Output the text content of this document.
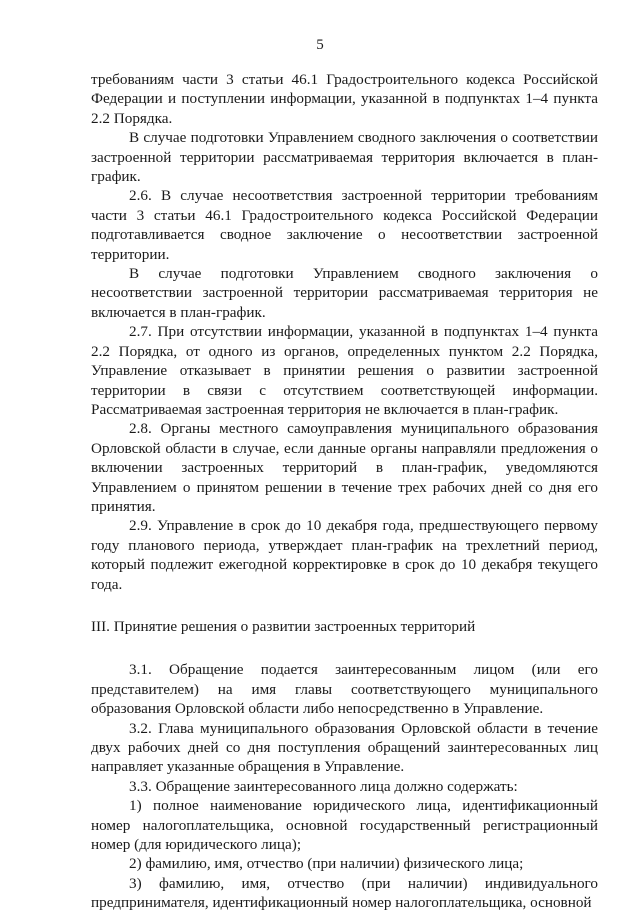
5

требованиям части 3 статьи 46.1 Градостроительного кодекса Российской Федерации и поступлении информации, указанной в подпунктах 1–4 пункта 2.2 Порядка.

В случае подготовки Управлением сводного заключения о соответствии застроенной территории рассматриваемая территория включается в план-график.

2.6. В случае несоответствия застроенной территории требованиям части 3 статьи 46.1 Градостроительного кодекса Российской Федерации подготавливается сводное заключение о несоответствии застроенной территории.

В случае подготовки Управлением сводного заключения о несоответствии застроенной территории рассматриваемая территория не включается в план-график.

2.7. При отсутствии информации, указанной в подпунктах 1–4 пункта 2.2 Порядка, от одного из органов, определенных пунктом 2.2 Порядка, Управление отказывает в принятии решения о развитии застроенной территории в связи с отсутствием соответствующей информации. Рассматриваемая застроенная территория не включается в план-график.

2.8. Органы местного самоуправления муниципального образования Орловской области в случае, если данные органы направляли предложения о включении застроенных территорий в план-график, уведомляются Управлением о принятом решении в течение трех рабочих дней со дня его принятия.

2.9. Управление в срок до 10 декабря года, предшествующего первому году планового периода, утверждает план-график на трехлетний период, который подлежит ежегодной корректировке в срок до 10 декабря текущего года.

III. Принятие решения о развитии застроенных территорий

3.1. Обращение подается заинтересованным лицом (или его представителем) на имя главы соответствующего муниципального образования Орловской области либо непосредственно в Управление.

3.2. Глава муниципального образования Орловской области в течение двух рабочих дней со дня поступления обращений заинтересованных лиц направляет указанные обращения в Управление.

3.3. Обращение заинтересованного лица должно содержать:

1) полное наименование юридического лица, идентификационный номер налогоплательщика, основной государственный регистрационный номер (для юридического лица);

2) фамилию, имя, отчество (при наличии) физического лица;

3) фамилию, имя, отчество (при наличии) индивидуального предпринимателя, идентификационный номер налогоплательщика, основной
